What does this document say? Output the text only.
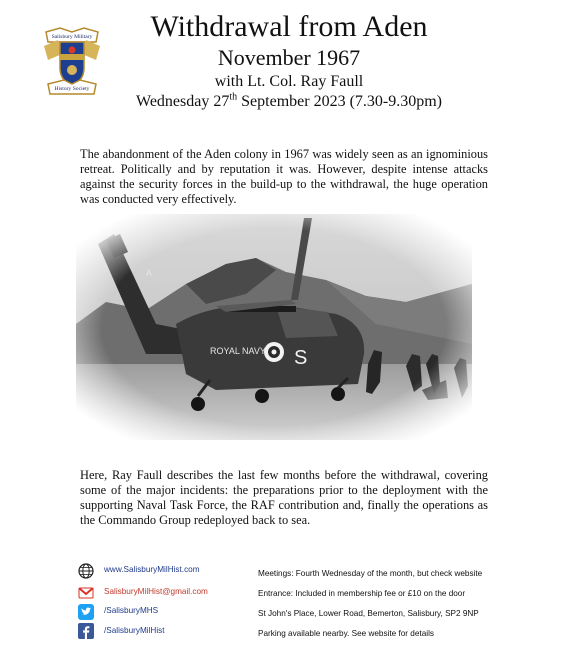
Salisbury Military
History Society
Withdrawal from Aden
November 1967
with Lt. Col. Ray Faull
Wednesday 27th September 2023 (7.30-9.30pm)
The abandonment of the Aden colony in 1967 was widely seen as an ignominious retreat. Politically and by reputation it was. However, despite intense attacks against the security forces in the build-up to the withdrawal, the huge operation was conducted very effectively.
Here, Ray Faull describes the last few months before the withdrawal, covering some of the major incidents: the preparations prior to the deployment with the supporting Naval Task Force, the RAF contribution and, finally the operations as the Commando Group redeployed back to sea.
www.SalisburyMilHist.com
SalisburyMilHist@gmail.com
/SalisburyMHS
/SalisburyMilHist
Meetings: Fourth Wednesday of the month, but check website
Entrance: Included in membership fee or £10 on the door
St John's Place, Lower Road, Bemerton, Salisbury, SP2 9NP
Parking available nearby. See website for details
